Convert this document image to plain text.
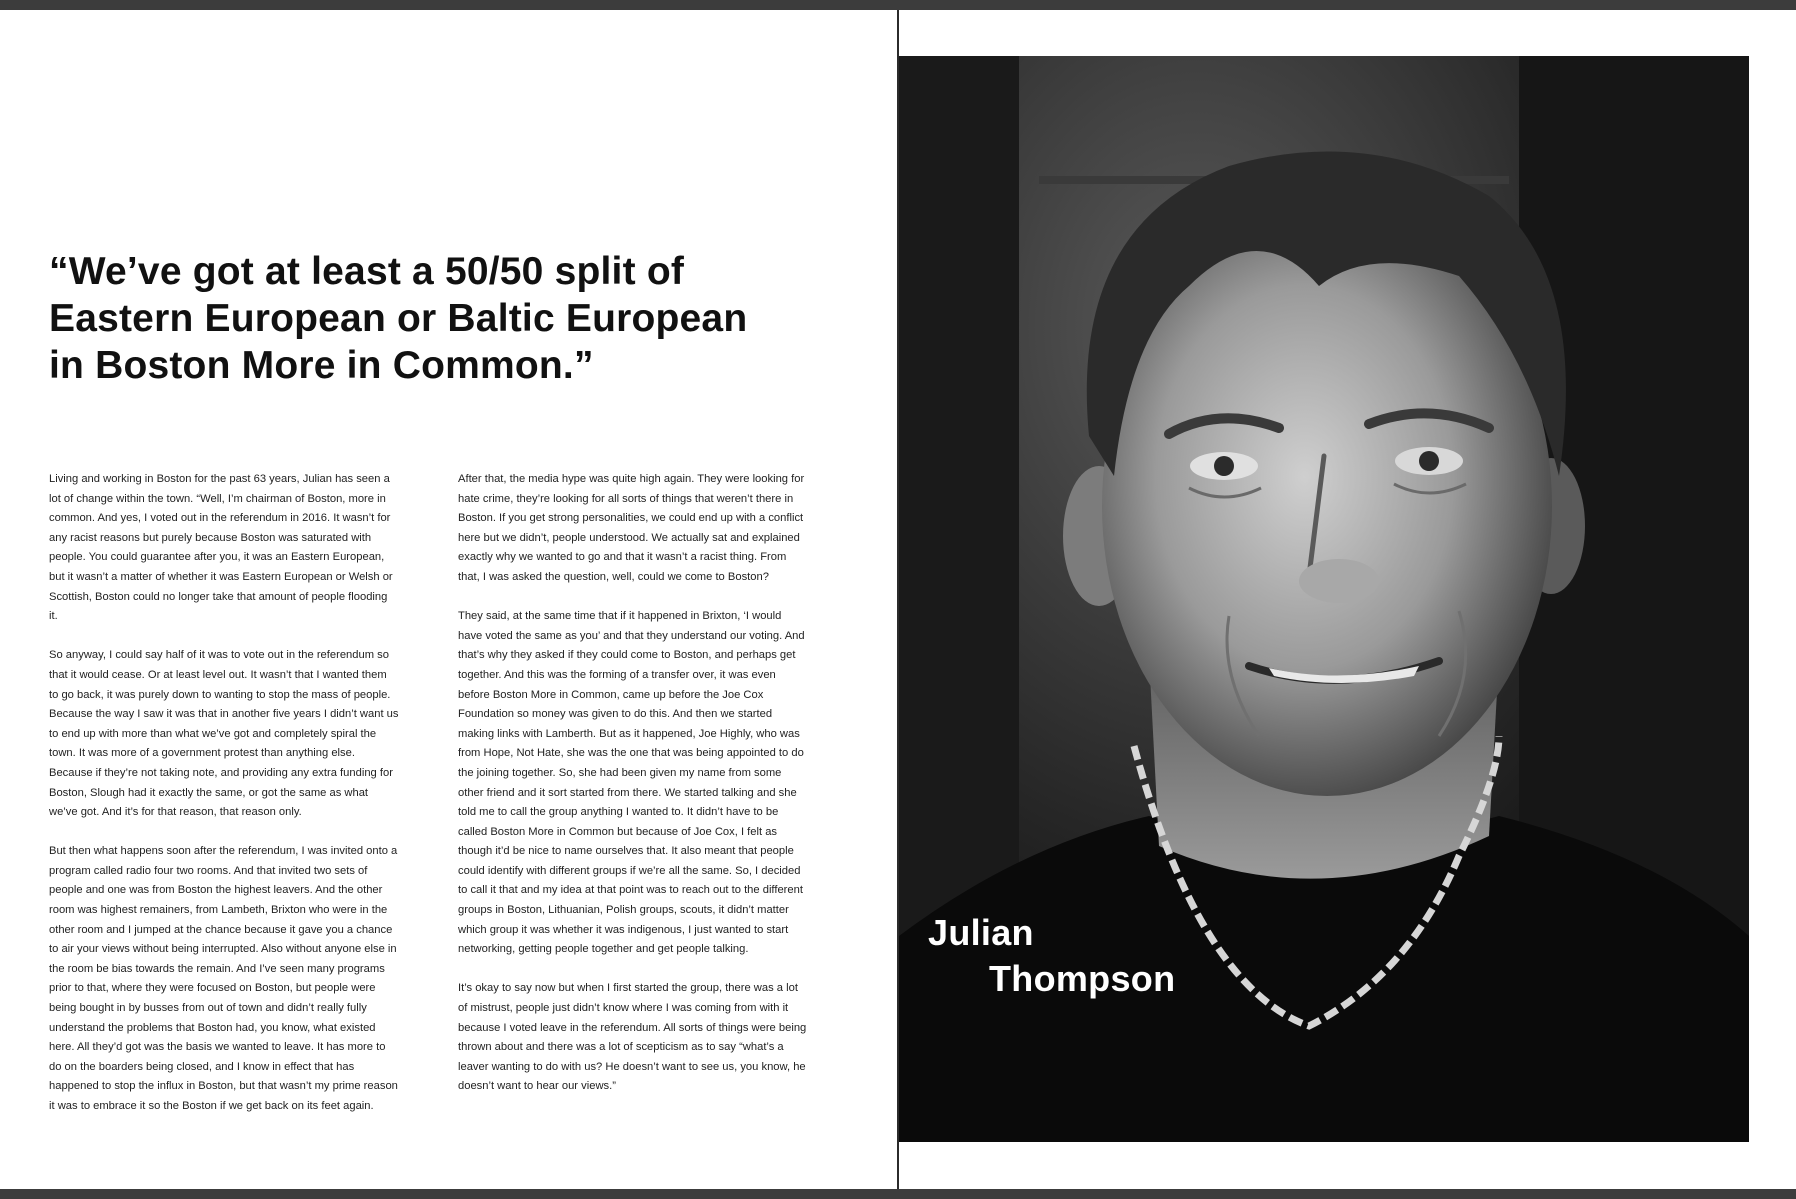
“We’ve got at least a 50/50 split of Eastern European or Baltic European in Boston More in Common.”

Living and working in Boston for the past 63 years, Julian has seen a lot of change within the town. “Well, I’m chairman of Boston, more in common. And yes, I voted out in the referendum in 2016. It wasn’t for any racist reasons but purely because Boston was saturated with people. You could guarantee after you, it was an Eastern European, but it wasn’t a matter of whether it was Eastern European or Welsh or Scottish, Boston could no longer take that amount of people flooding it.

So anyway, I could say half of it was to vote out in the referendum so that it would cease. Or at least level out. It wasn’t that I wanted them to go back, it was purely down to wanting to stop the mass of people. Because the way I saw it was that in another five years I didn’t want us to end up with more than what we’ve got and completely spiral the town. It was more of a government protest than anything else. Because if they’re not taking note, and providing any extra funding for Boston, Slough had it exactly the same, or got the same as what we’ve got. And it’s for that reason, that reason only.

But then what happens soon after the referendum, I was invited onto a program called radio four two rooms. And that invited two sets of people and one was from Boston the highest leavers. And the other room was highest remainers, from Lambeth, Brixton who were in the other room and I jumped at the chance because it gave you a chance to air your views without being interrupted. Also without anyone else in the room be bias towards the remain. And I’ve seen many programs prior to that, where they were focused on Boston, but people were being bought in by busses from out of town and didn’t really fully understand the problems that Boston had, you know, what existed here. All they’d got was the basis we wanted to leave. It has more to do on the boarders being closed, and I know in effect that has happened to stop the influx in Boston, but that wasn’t my prime reason it was to embrace it so the Boston if we get back on its feet again.

After that, the media hype was quite high again. They were looking for hate crime, they’re looking for all sorts of things that weren’t there in Boston. If you get strong personalities, we could end up with a conflict here but we didn’t, people understood. We actually sat and explained exactly why we wanted to go and that it wasn’t a racist thing. From that, I was asked the question, well, could we come to Boston?

They said, at the same time that if it happened in Brixton, ‘I would have voted the same as you’ and that they understand our voting. And that’s why they asked if they could come to Boston, and perhaps get together. And this was the forming of a transfer over, it was even before Boston More in Common, came up before the Joe Cox Foundation so money was given to do this. And then we started making links with Lamberth. But as it happened, Joe Highly, who was from Hope, Not Hate, she was the one that was being appointed to do the joining together. So, she had been given my name from some other friend and it sort started from there. We started talking and she told me to call the group anything I wanted to. It didn’t have to be called Boston More in Common but because of Joe Cox, I felt as though it’d be nice to name ourselves that. It also meant that people could identify with different groups if we’re all the same. So, I decided to call it that and my idea at that point was to reach out to the different groups in Boston, Lithuanian, Polish groups, scouts, it didn’t matter which group it was whether it was indigenous, I just wanted to start networking, getting people together and get people talking.

It’s okay to say now but when I first started the group, there was a lot of mistrust, people just didn’t know where I was coming from with it because I voted leave in the referendum. All sorts of things were being thrown about and there was a lot of scepticism as to say “what’s a leaver wanting to do with us? He doesn’t want to see us, you know, he doesn’t want to hear our views.”

Julian
Thompson
